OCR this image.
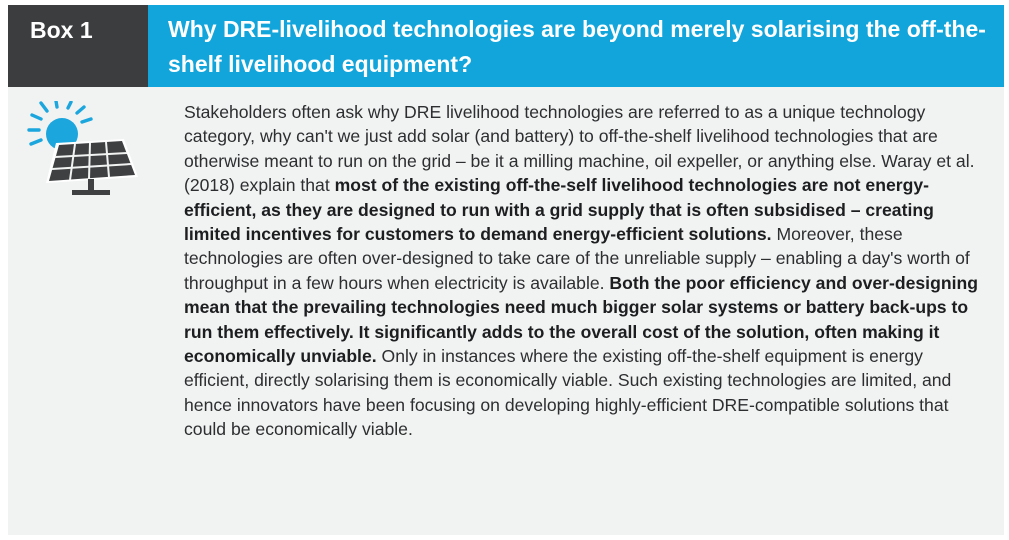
Box 1	Why DRE-livelihood technologies are beyond merely solarising the off-the-shelf livelihood equipment?

Stakeholders often ask why DRE livelihood technologies are referred to as a unique technology category, why can't we just add solar (and battery) to off-the-shelf livelihood technologies that are otherwise meant to run on the grid – be it a milling machine, oil expeller, or anything else. Waray et al. (2018) explain that most of the existing off-the-self livelihood technologies are not energy-efficient, as they are designed to run with a grid supply that is often subsidised – creating limited incentives for customers to demand energy-efficient solutions. Moreover, these technologies are often over-designed to take care of the unreliable supply – enabling a day's worth of throughput in a few hours when electricity is available. Both the poor efficiency and over-designing mean that the prevailing technologies need much bigger solar systems or battery back-ups to run them effectively. It significantly adds to the overall cost of the solution, often making it economically unviable. Only in instances where the existing off-the-shelf equipment is energy efficient, directly solarising them is economically viable. Such existing technologies are limited, and hence innovators have been focusing on developing highly-efficient DRE-compatible solutions that could be economically viable.
